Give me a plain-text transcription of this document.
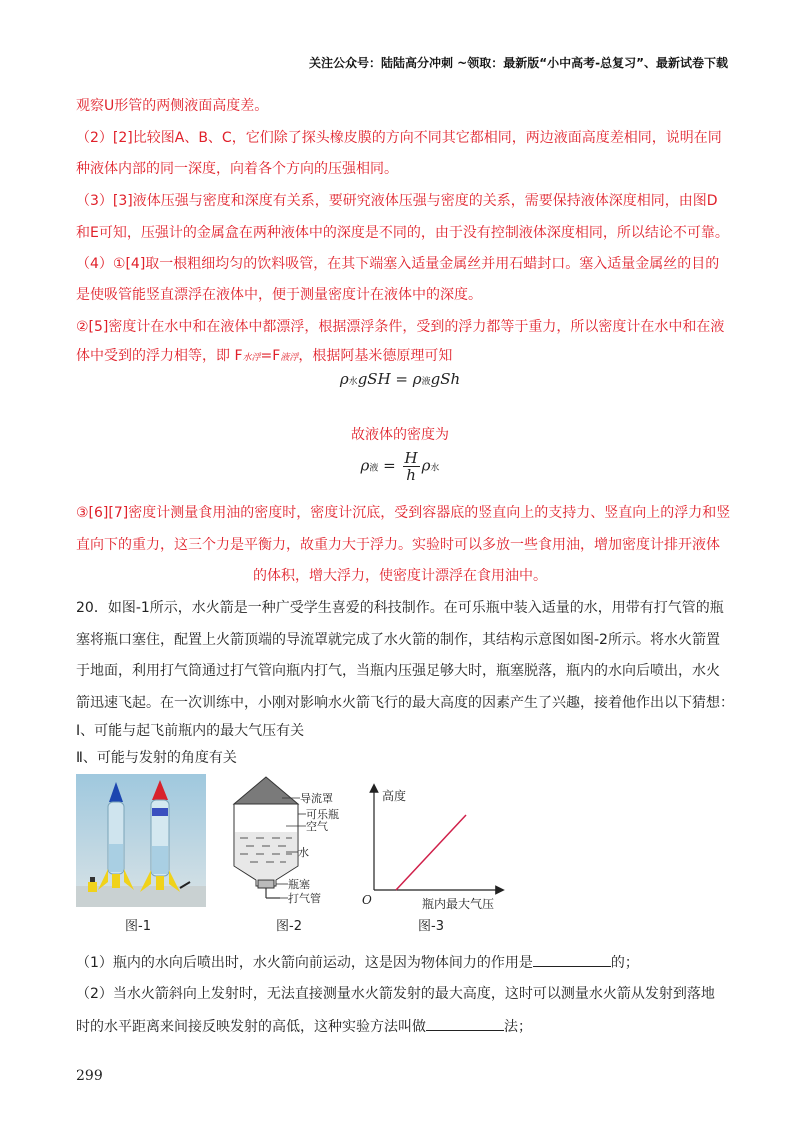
关注公众号：陆陆高分冲刺 ~领取：最新版“小中高考-总复习”、最新试卷下载
观察U形管的两侧液面高度差。
（2）[2]比较图A、B、C，它们除了探头橡皮膜的方向不同其它都相同，两边液面高度差相同，说明在同
种液体内部的同一深度，向着各个方向的压强相同。
（3）[3]液体压强与密度和深度有关系，要研究液体压强与密度的关系，需要保持液体深度相同，由图D
和E可知，压强计的金属盒在两种液体中的深度是不同的，由于没有控制液体深度相同，所以结论不可靠。
（4）①[4]取一根粗细均匀的饮料吸管，在其下端塞入适量金属丝并用石蜡封口。塞入适量金属丝的目的
是使吸管能竖直漂浮在液体中，便于测量密度计在液体中的深度。
②[5]密度计在水中和在液体中都漂浮，根据漂浮条件，受到的浮力都等于重力，所以密度计在水中和在液
体中受到的浮力相等，即 F水浮=F液浮，根据阿基米德原理可知
ρ水gSH = ρ液gSh
故液体的密度为
ρ液 = $\frac{H}{h}$ ρ水
③[6][7]密度计测量食用油的密度时，密度计沉底，受到容器底的竖直向上的支持力、竖直向上的浮力和竖
直向下的重力，这三个力是平衡力，故重力大于浮力。实验时可以多放一些食用油，增加密度计排开液体
的体积，增大浮力，使密度计漂浮在食用油中。
20．如图-1所示，水火箭是一种广受学生喜爱的科技制作。在可乐瓶中装入适量的水，用带有打气管的瓶
塞将瓶口塞住，配置上火箭顶端的导流罩就完成了水火箭的制作，其结构示意图如图-2所示。将水火箭置
于地面，利用打气筒通过打气管向瓶内打气，当瓶内压强足够大时，瓶塞脱落，瓶内的水向后喷出，水火
箭迅速飞起。在一次训练中，小刚对影响水火箭飞行的最大高度的因素产生了兴趣，接着他作出以下猜想：
Ⅰ、可能与起飞前瓶内的最大气压有关
Ⅱ、可能与发射的角度有关
图-1
导流罩
可乐瓶
空气
水
瓶塞
打气管
图-2
高度
O	瓶内最大气压
图-3
（1）瓶内的水向后喷出时，水火箭向前运动，这是因为物体间力的作用是	的；
（2）当水火箭斜向上发射时，无法直接测量水火箭发射的最大高度，这时可以测量水火箭从发射到落地
时的水平距离来间接反映发射的高低，这种实验方法叫做	法；
299
